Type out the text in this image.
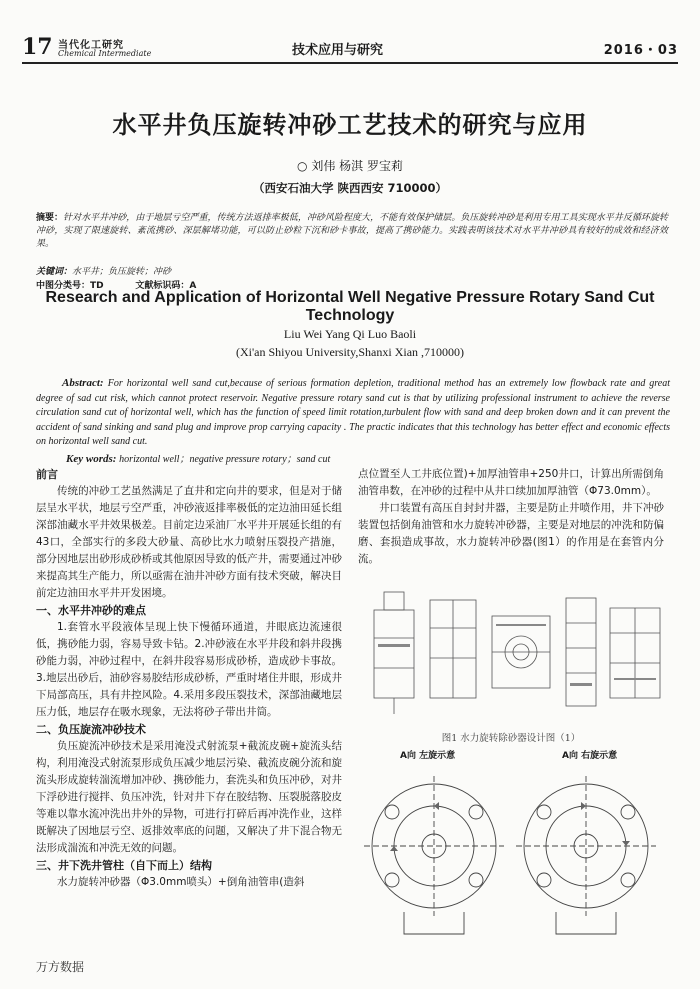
17 当代化工研究
Chemical Intermediate	技术应用与研究	2016・03
水平井负压旋转冲砂工艺技术的研究与应用
○ 刘伟 杨淇 罗宝莉
（西安石油大学 陕西西安 710000）
摘要：针对水平井冲砂，由于地层亏空严重，传统方法返排率极低，冲砂风险程度大，不能有效保护储层。负压旋转冲砂是利用专用工具实现水平井反循环旋转冲砂，实现了限速旋转、紊流携砂、深层解堵功能，可以防止砂粒下沉和砂卡事故，提高了携砂能力。实践表明该技术对水平井冲砂具有较好的成效和经济效果。
关键词：水平井；负压旋转；冲砂
中图分类号：TD	文献标识码：A
Research and Application of Horizontal Well Negative Pressure Rotary Sand Cut Technology
Liu Wei Yang Qi Luo Baoli
(Xi'an Shiyou University,Shanxi Xian ,710000)
Abstract: For horizontal well sand cut,because of serious formation depletion, traditional method has an extremely low flowback rate and great degree of sad cut risk, which cannot protect reservoir. Negative pressure rotary sand cut is that by utilizing professional instrument to achieve the reverse circulation sand cut of horizontal well, which has the function of speed limit rotation,turbulent flow with sand and deep broken down and it can prevent the accident of sand sinking and sand plug and improve prop carrying capacity . The practic indicates that this technology has better effect and economic effects on horizontal well sand cut.
Key words: horizontal well；negative pressure rotary；sand cut
前言

传统的冲砂工艺虽然满足了直井和定向井的要求，但是对于储层呈水平状，地层亏空严重，冲砂液返排率极低的定边油田延长组深部油藏水平井效果极差。目前定边采油厂水平井开展延长组的有43口，全部实行的多段大砂量、高砂比水力喷射压裂投产措施，部分因地层出砂形成砂桥或其他原因导致的低产井，需要通过冲砂来提高其生产能力，所以亟需在油井冲砂方面有技术突破，解决目前定边油田水平井开发困境。

一、水平井冲砂的难点

1.套管水平段液体呈现上快下慢循环通道，井眼底边流速很低，携砂能力弱，容易导致卡钻。2.冲砂液在水平井段和斜井段携砂能力弱，冲砂过程中，在斜井段容易形成砂桥，造成砂卡事故。3.地层出砂后，油砂容易胶结形成砂桥，严重时堵住井眼，形成井下局部高压，具有井控风险。4.采用多段压裂技术，深部油藏地层压力低，地层存在吸水现象，无法将砂子带出井筒。

二、负压旋流冲砂技术

负压旋流冲砂技术是采用淹没式射流泵+截流皮碗+旋流头结构，利用淹没式射流泵形成负压减少地层污染、截流皮碗分流和旋流头形成旋转湍流增加冲砂、携砂能力，套洗头和负压冲砂，对井下浮砂进行搅拌、负压冲洗，针对井下存在胶结物、压裂脱落胶皮等难以靠水流冲洗出井外的异物，可进行打碎后再冲洗作业，这样既解决了因地层亏空、返排效率底的问题，又解决了井下混合物无法形成湍流和冲洗无效的问题。

三、井下洗井管柱（自下而上）结构

水力旋转冲砂器（Φ3.0mm喷头）+倒角油管串(造斜

点位置至人工井底位置)+加厚油管串+250井口，计算出所需倒角油管串数，在冲砂的过程中从井口续加加厚油管（Φ73.0mm）。

井口装置有高压自封封井器，主要是防止井喷作用，井下冲砂装置包括倒角油管和水力旋转冲砂器，主要是对地层的冲洗和防偏磨、套损造成事故，水力旋转冲砂器(图1）的作用是在套管内分流。

图1 水力旋转除砂器设计图（1）
A向 左旋示意	A向 右旋示意
万方数据
